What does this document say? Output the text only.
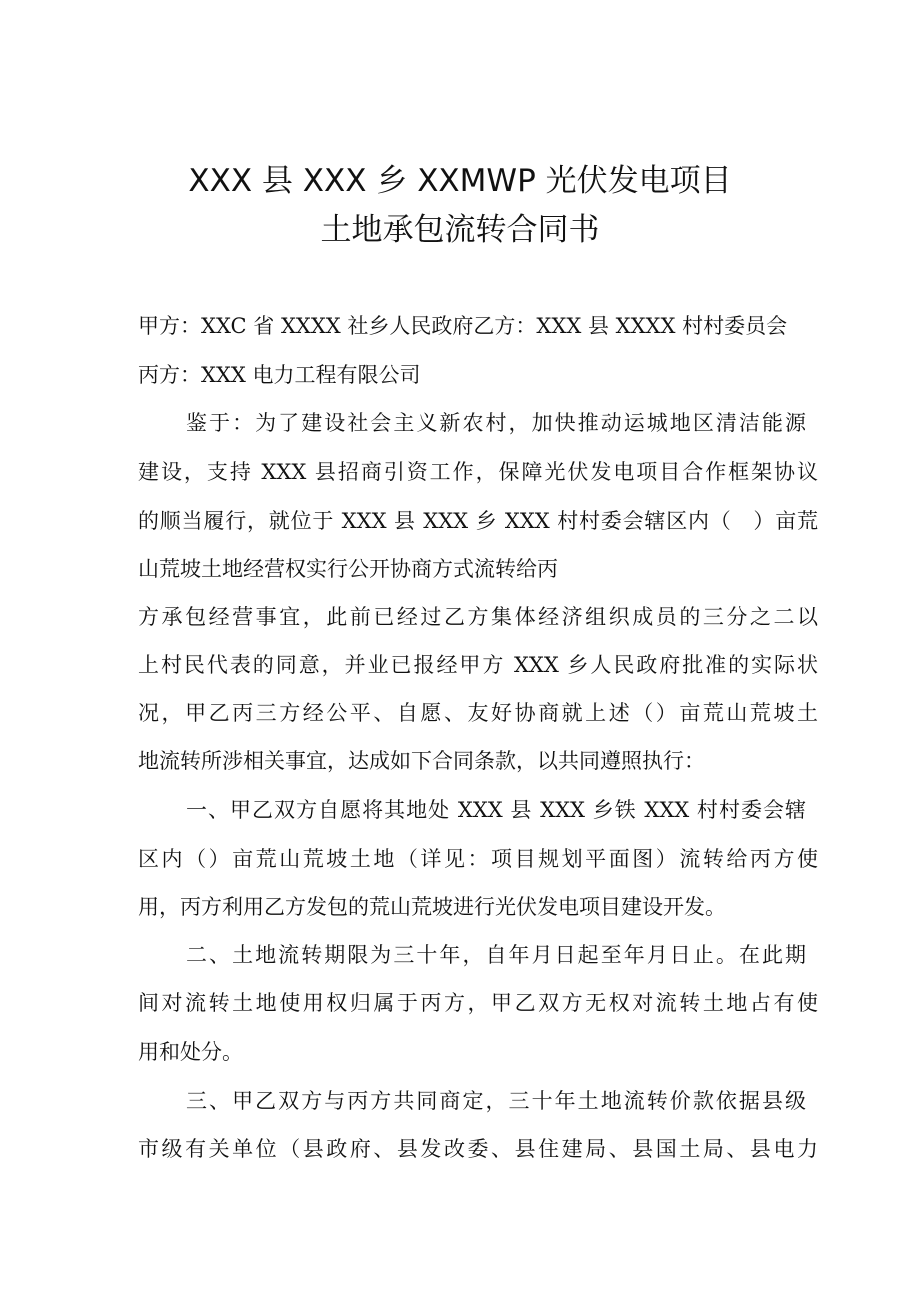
XXX 县 XXX 乡 XXMWP 光伏发电项目
土地承包流转合同书
甲方：XXC 省 XXXX 社乡人民政府乙方：XXX 县 XXXX 村村委员会
丙方：XXX 电力工程有限公司
鉴于：为了建设社会主义新农村，加快推动运城地区清洁能源
建设，支持 XXX 县招商引资工作，保障光伏发电项目合作框架协议
的顺当履行，就位于 XXX 县 XXX 乡 XXX 村村委会辖区内（　）亩荒
山荒坡土地经营权实行公开协商方式流转给丙
方承包经营事宜，此前已经过乙方集体经济组织成员的三分之二以
上村民代表的同意，并业已报经甲方 XXX 乡人民政府批准的实际状
况，甲乙丙三方经公平、自愿、友好协商就上述（）亩荒山荒坡土
地流转所涉相关事宜，达成如下合同条款，以共同遵照执行：
一、甲乙双方自愿将其地处 XXX 县 XXX 乡铁 XXX 村村委会辖
区内（）亩荒山荒坡土地（详见：项目规划平面图）流转给丙方使
用，丙方利用乙方发包的荒山荒坡进行光伏发电项目建设开发。
二、土地流转期限为三十年，自年月日起至年月日止。在此期
间对流转土地使用权归属于丙方，甲乙双方无权对流转土地占有使
用和处分。
三、甲乙双方与丙方共同商定，三十年土地流转价款依据县级
市级有关单位（县政府、县发改委、县住建局、县国土局、县电力
